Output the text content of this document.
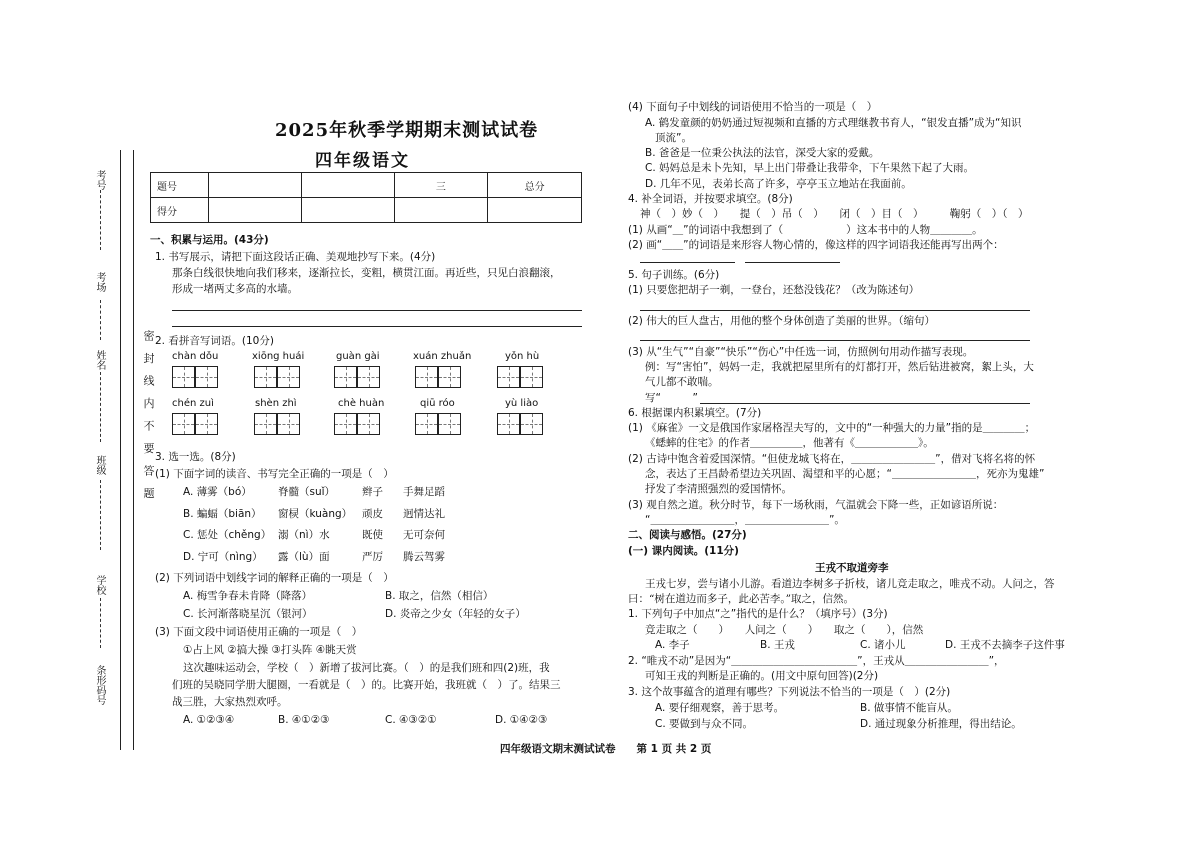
密 封 线 内 不 要 答 题
考号
考场
姓名
班级
学校
条形码号
2025年秋季学期期末测试试卷
四年级语文
题号			三	总分
得分				
一、积累与运用。(43分)
1. 书写展示，请把下面这段话正确、美观地抄写下来。(4分)
那条白线很快地向我们移来，逐渐拉长，变粗，横贯江面。再近些，只见白浪翻滚，
形成一堵两丈多高的水墙。
2. 看拼音写词语。(10分)
chàn dǒu	xiōng huái	guàn gài	xuán zhuǎn	yǒn hù
chén zuì	shèn zhì	chè huàn	qiū róo	yù liào
3. 选一选。(8分)
(1) 下面字词的读音、书写完全正确的一项是（　）
A. 薄雾（bó） 脊髓（suǐ）	辫子 手舞足蹈
B. 蝙蝠（biān） 窗棂（kuàng） 顽皮 迥情达礼
C. 惩处（chěng） 溺（nì）水	既使 无可奈何
D. 宁可（nìng） 露（lù）面	严厉 腾云驾雾
(2) 下列词语中划线字词的解释正确的一项是（　）
A. 梅雪争春未肯降（降落）	B. 取之，信然（相信）
C. 长河渐落晓星沉（银河）	D. 炎帝之少女（年轻的女子）
(3) 下面文段中词语使用正确的一项是（　）
①占上风 ②搞大操 ③打头阵 ④眺天赏
这次趣味运动会，学校（　）新增了拔河比赛。（　）的是我们班和四(2)班，我
们班的吴晓同学册大腿圈，一看就是（　）的。比赛开始，我班就（　）了。结果三
战三胜，大家热烈欢呼。
A. ①②③④	B. ④①②③	C. ④③②①	D. ①④②③
(4) 下面句子中划线的词语使用不恰当的一项是（　）
A. 鹤发童颜的奶奶通过短视频和直播的方式理继教书育人，“银发直播”成为“知识
顶流”。
B. 爸爸是一位秉公执法的法官，深受大家的爱戴。
C. 妈妈总是未卜先知，早上出门带叠让我带伞，下午果然下起了大雨。
D. 几年不见，表弟长高了许多，亭亭玉立地站在我面前。
4. 补全词语，并按要求填空。(8分)
神（　）妙（　）　　提（　）吊（　）　　闭（　）目（　）　　　鞠躬（　）（　）
(1) 从画“＿”的词语中我想到了（　　　　　　）这本书中的人物＿＿＿＿。
(2) 画“＿＿”的词语是来形容人物心情的，像这样的四字词语我还能再写出两个：
5. 句子训练。(6分)
(1) 只要您把胡子一剃，一登台，还愁没钱花？（改为陈述句）
(2) 伟大的巨人盘古，用他的整个身体创造了美丽的世界。（缩句）
(3) 从“生气”“自豪”“快乐”“伤心”中任选一词，仿照例句用动作描写表现。
例：写“害怕”，妈妈一走，我就把屋里所有的灯都打开，然后钻进被窝，絮上头，大
气儿都不敢喘。
写“　　　”
6. 根据课内积累填空。(7分)
(1) 《麻雀》一文是俄国作家屠格涅夫写的，文中的“一种强大的力量”指的是＿＿＿＿；
《蟋蟀的住宅》的作者＿＿＿＿＿，他著有《＿＿＿＿＿＿》。
(2) 古诗中饱含着爱国深情。“但使龙城飞将在，＿＿＿＿＿＿＿＿”，借对飞将名将的怀
念，表达了王昌龄希望边关巩固、渴望和平的心愿；“＿＿＿＿＿＿＿＿，死亦为鬼雄”
抒发了李清照强烈的爱国情怀。
(3) 观自然之道。秋分时节，每下一场秋雨，气温就会下降一些，正如谚语所说：
“＿＿＿＿＿＿＿＿，＿＿＿＿＿＿＿＿”。
二、阅读与感悟。(27分)
(一) 课内阅读。(11分)
王戎不取道旁李
王戎七岁，尝与诸小儿游。看道边李树多子折枝，诸儿竞走取之，唯戎不动。人问之，答
曰：“树在道边而多子，此必苦李。”取之，信然。
1. 下列句子中加点“之”指代的是什么？（填序号）(3分)
竞走取之（　　）　　人问之（　　）　　取之（　　），信然
A. 李子	B. 王戎	C. 诸小儿	D. 王戎不去摘李子这件事
2. “唯戎不动”是因为“＿＿＿＿＿＿＿＿＿＿＿＿”，王戎从＿＿＿＿＿＿＿＿”，
可知王戎的判断是正确的。(用文中原句回答)(2分)
3. 这个故事蕴含的道理有哪些？下列说法不恰当的一项是（　）(2分)
A. 要仔细观察，善于思考。	B. 做事情不能盲从。
C. 要做到与众不同。	D. 通过现象分析推理，得出结论。
四年级语文期末测试试卷　　第 1 页 共 2 页
